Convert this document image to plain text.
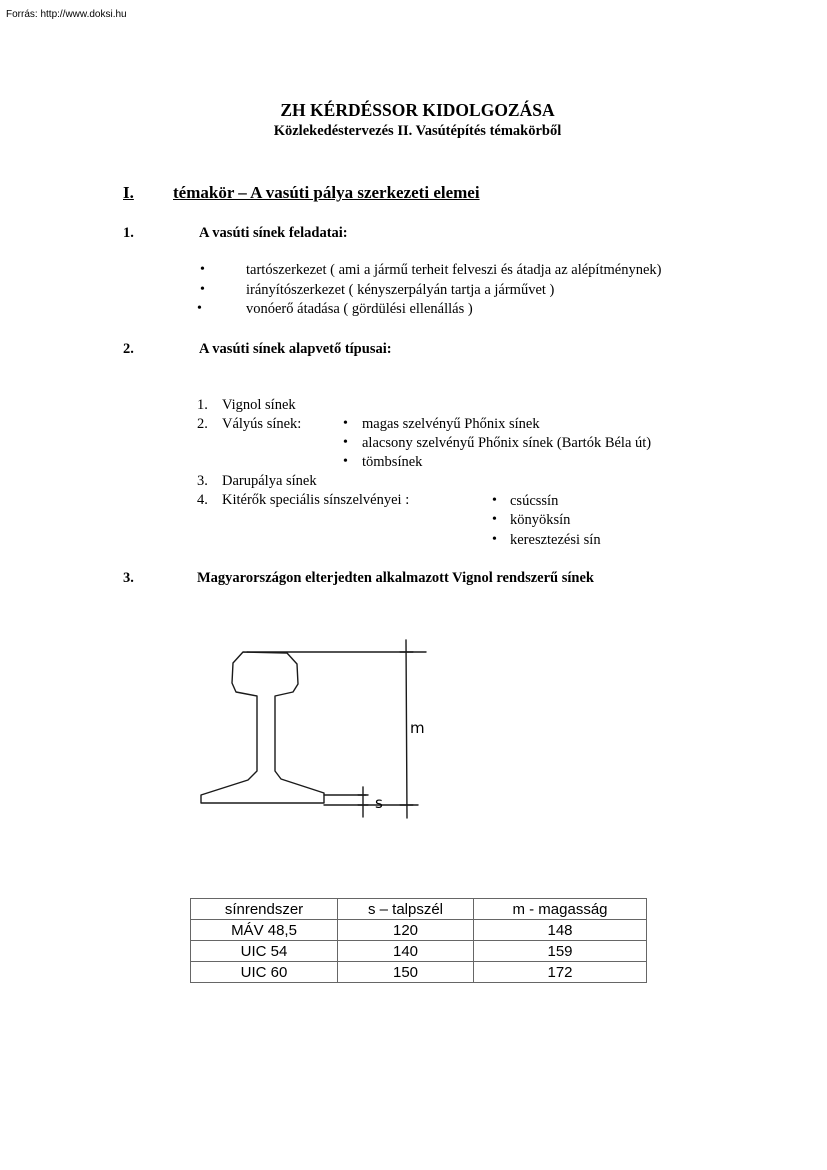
Forrás: http://www.doksi.hu
ZH KÉRDÉSSOR KIDOLGOZÁSA
Közlekedéstervezés II. Vasútépítés témakörből
I. témakör – A vasúti pálya szerkezeti elemei
1.	A vasúti sínek feladatai:
•	tartószerkezet ( ami a jármű terheit felveszi és átadja az alépítménynek)
•	irányítószerkezet ( kényszerpályán tartja a járművet )
•	vonóerő átadása ( gördülési ellenállás )
2.	A vasúti sínek alapvető típusai:
1. Vignol sínek
2. Vályús sínek:	• magas szelvényű Phőnix sínek
• alacsony szelvényű Phőnix sínek (Bartók Béla út)
• tömbsínek
3. Darupálya sínek
4. Kitérők speciális sínszelvényei :	• csúcssín
• könyöksín
• keresztezési sín
3.	Magyarországon elterjedten alkalmazott Vignol rendszerű sínek
m
s
sínrendszer	s – talpszél	m - magasság
MÁV 48,5	120	148
UIC 54	140	159
UIC 60	150	172
